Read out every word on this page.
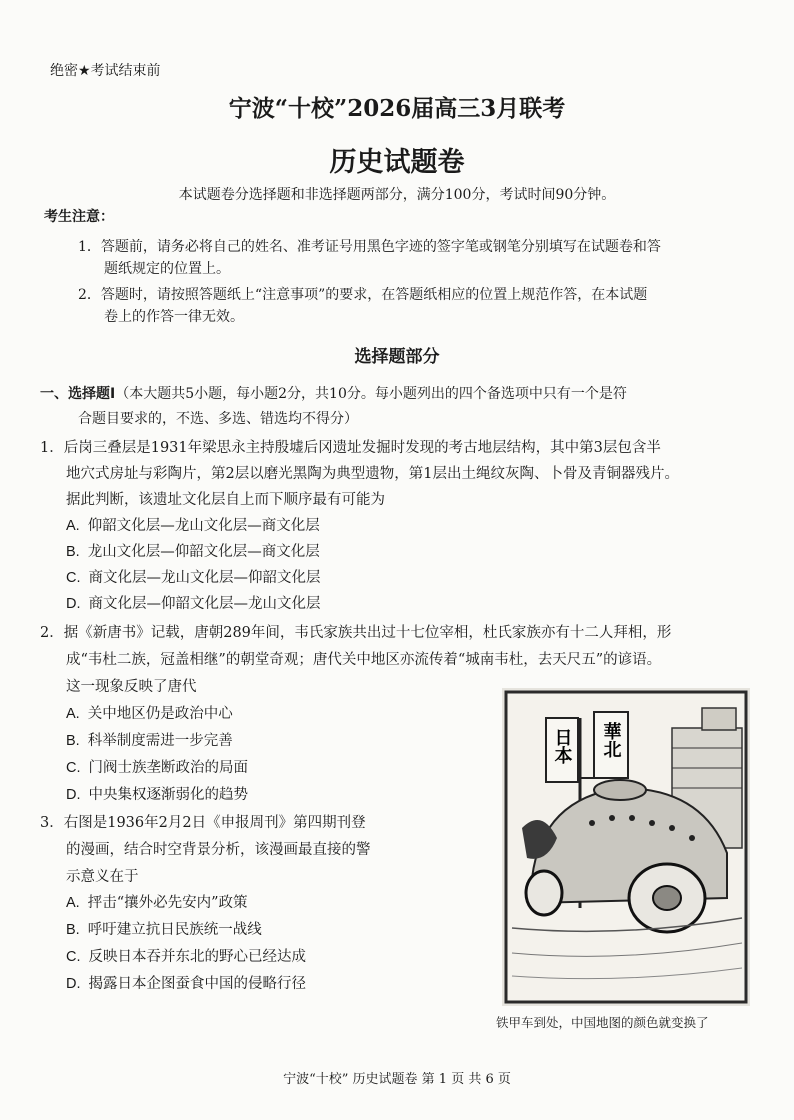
绝密★考试结束前
宁波“十校”2026届高三3月联考
历史试题卷
本试题卷分选择题和非选择题两部分，满分100分，考试时间90分钟。
考生注意：
1．答题前，请务必将自己的姓名、准考证号用黑色字迹的签字笔或钢笔分别填写在试题卷和答
题纸规定的位置上。
2．答题时，请按照答题纸上“注意事项”的要求，在答题纸相应的位置上规范作答，在本试题
卷上的作答一律无效。
选择题部分
一、选择题Ⅰ（本大题共5小题，每小题2分，共10分。每小题列出的四个备选项中只有一个是符
合题目要求的，不选、多选、错选均不得分）
1．后岗三叠层是1931年梁思永主持殷墟后冈遗址发掘时发现的考古地层结构，其中第3层包含半
地穴式房址与彩陶片，第2层以磨光黑陶为典型遗物，第1层出土绳纹灰陶、卜骨及青铜器残片。
据此判断，该遗址文化层自上而下顺序最有可能为
A. 仰韶文化层—龙山文化层—商文化层
B. 龙山文化层—仰韶文化层—商文化层
C. 商文化层—龙山文化层—仰韶文化层
D. 商文化层—仰韶文化层—龙山文化层
2．据《新唐书》记载，唐朝289年间，韦氏家族共出过十七位宰相，杜氏家族亦有十二人拜相，形
成“韦杜二族，冠盖相继”的朝堂奇观；唐代关中地区亦流传着“城南韦杜，去天尺五”的谚语。
这一现象反映了唐代
A. 关中地区仍是政治中心
B. 科举制度需进一步完善
C. 门阀士族垄断政治的局面
D. 中央集权逐渐弱化的趋势
3．右图是1936年2月2日《申报周刊》第四期刊登
的漫画，结合时空背景分析，该漫画最直接的警
示意义在于
A. 抨击“攘外必先安内”政策
B. 呼吁建立抗日民族统一战线
C. 反映日本吞并东北的野心已经达成
D. 揭露日本企图蚕食中国的侵略行径
日本 華北
铁甲车到处，中国地图的颜色就变换了
宁波“十校” 历史试题卷 第 1 页 共 6 页
